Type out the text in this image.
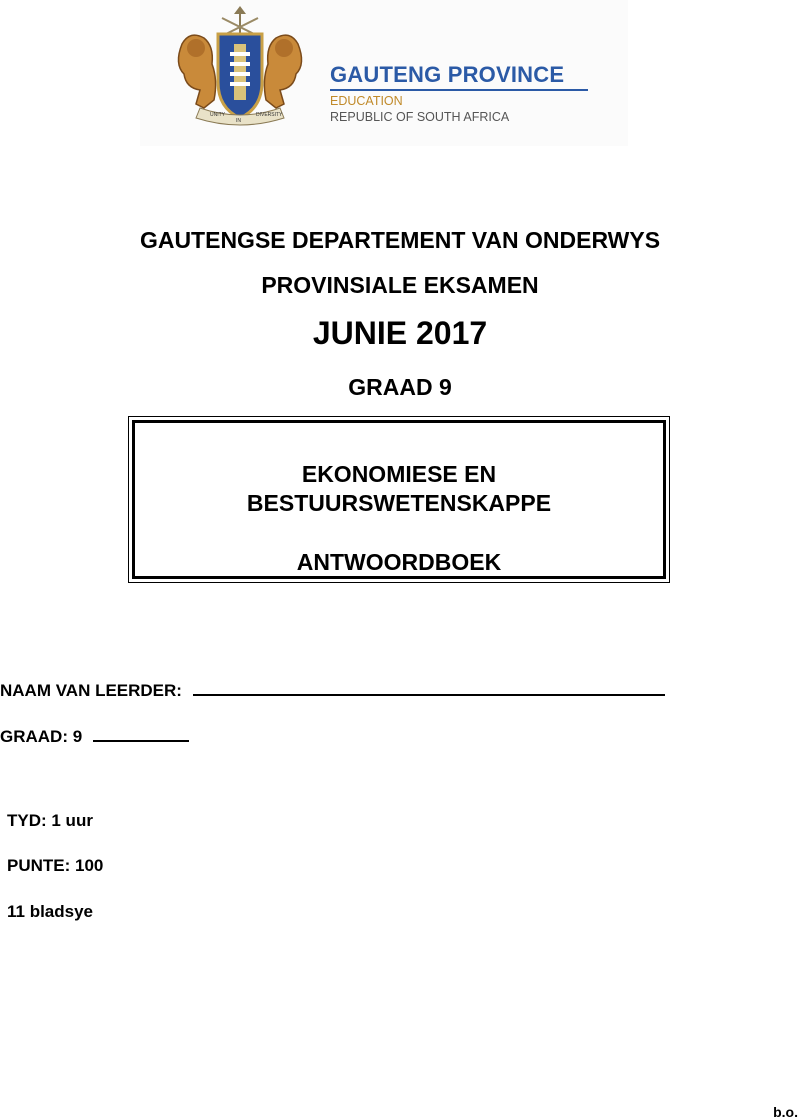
UNITY
IN
DIVERSITY
GAUTENG PROVINCE
EDUCATION
REPUBLIC OF SOUTH AFRICA
GAUTENGSE DEPARTEMENT VAN ONDERWYS
PROVINSIALE EKSAMEN
JUNIE 2017
GRAAD 9
EKONOMIESE EN
BESTUURSWETENSKAPPE
ANTWOORDBOEK
NAAM VAN LEERDER:
GRAAD: 9
TYD: 1 uur
PUNTE: 100
11 bladsye
b.o.
